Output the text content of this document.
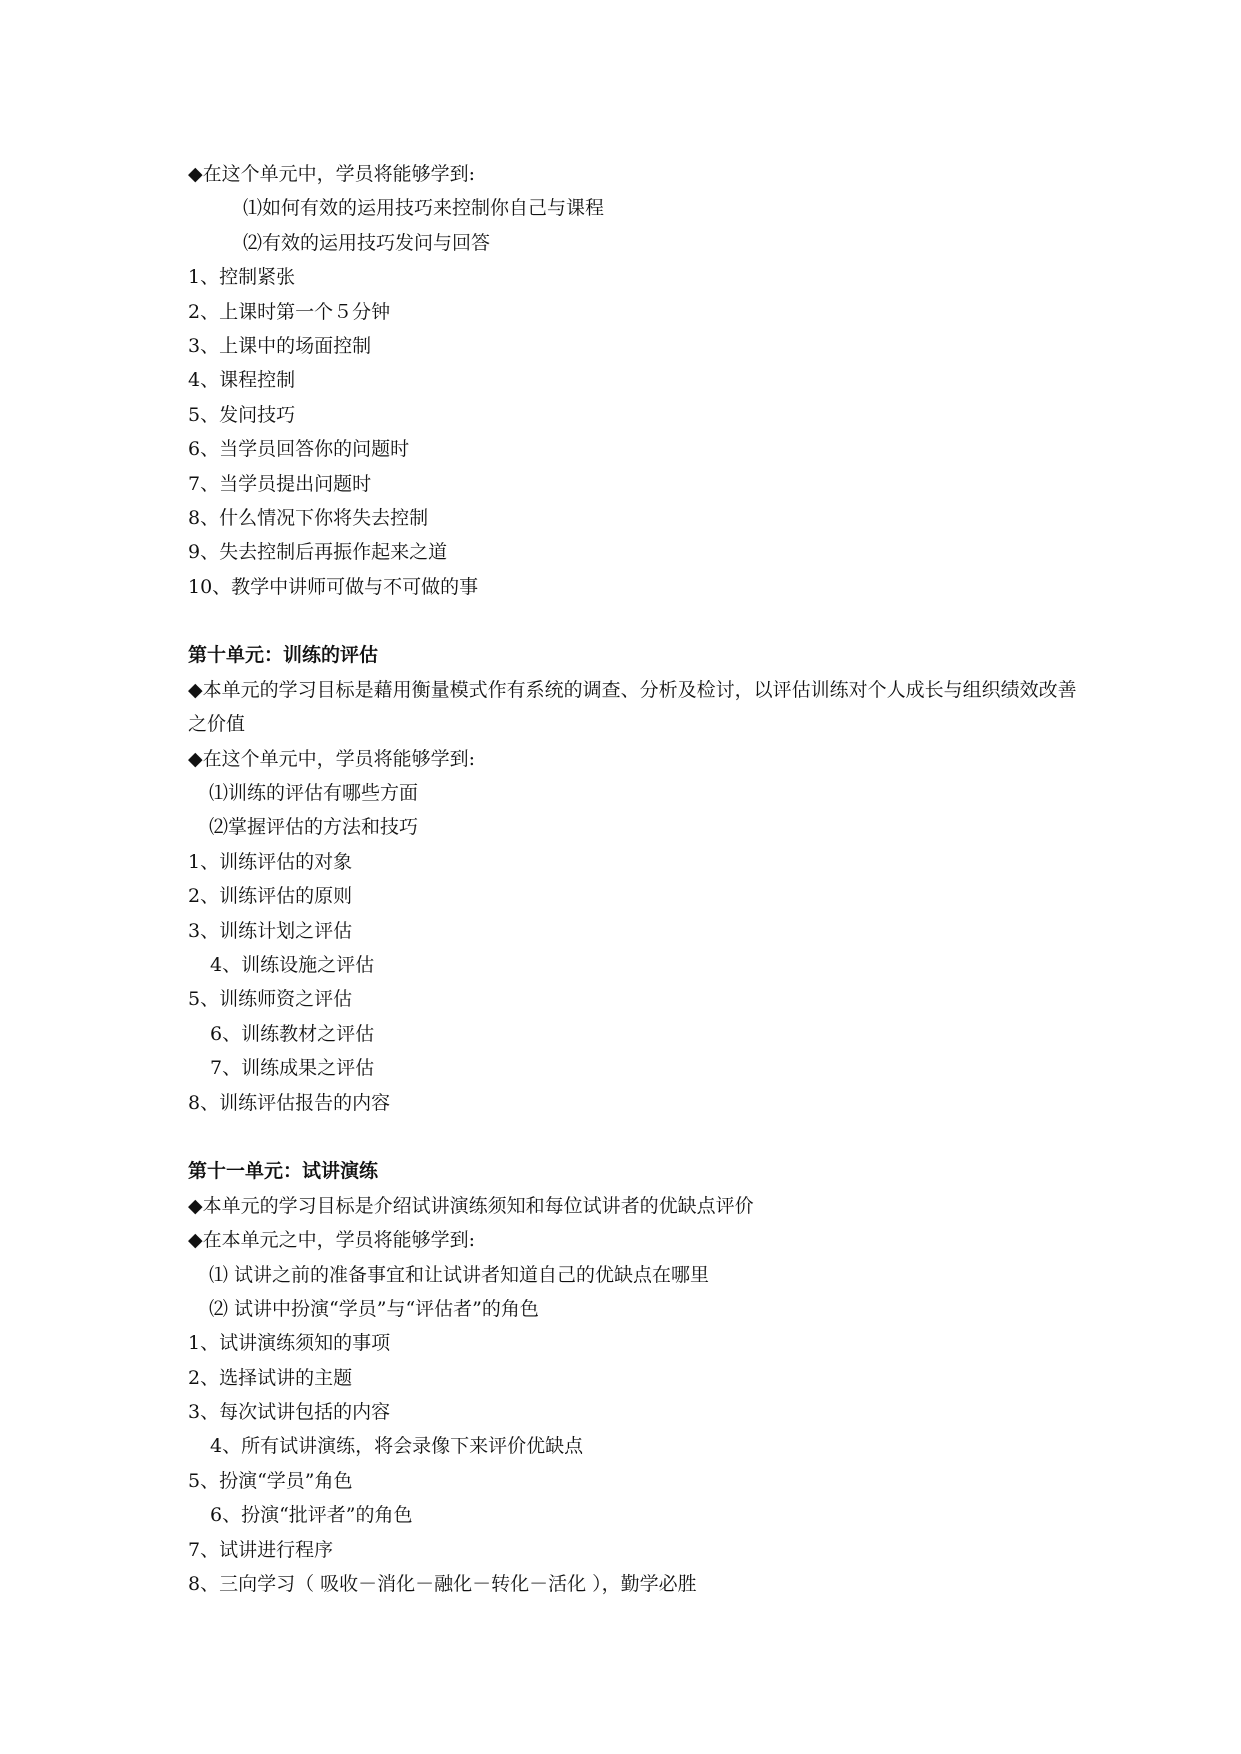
◆在这个单元中，学员将能够学到:
⑴如何有效的运用技巧来控制你自己与课程
⑵有效的运用技巧发问与回答
1、控制紧张
2、上课时第一个５分钟
3、上课中的场面控制
4、课程控制
5、发问技巧
6、当学员回答你的问题时
7、当学员提出问题时
8、什么情况下你将失去控制
9、失去控制后再振作起来之道
10、教学中讲师可做与不可做的事
第十单元：训练的评估
◆本单元的学习目标是藉用衡量模式作有系统的调查、分析及检讨，以评估训练对个人成长与组织绩效改善之价值
◆在这个单元中，学员将能够学到:
⑴训练的评估有哪些方面
⑵掌握评估的方法和技巧
1、训练评估的对象
2、训练评估的原则
3、训练计划之评估
4、训练设施之评估
5、训练师资之评估
6、训练教材之评估
7、训练成果之评估
8、训练评估报告的内容
第十一单元：试讲演练
◆本单元的学习目标是介绍试讲演练须知和每位试讲者的优缺点评价
◆在本单元之中，学员将能够学到:
⑴ 试讲之前的准备事宜和让试讲者知道自己的优缺点在哪里
⑵ 试讲中扮演“学员”与“评估者”的角色
1、试讲演练须知的事项
2、选择试讲的主题
3、每次试讲包括的内容
4、所有试讲演练，将会录像下来评价优缺点
5、扮演“学员”角色
6、扮演“批评者”的角色
7、试讲进行程序
8、三向学习（ 吸收－消化－融化－转化－活化 ），勤学必胜
